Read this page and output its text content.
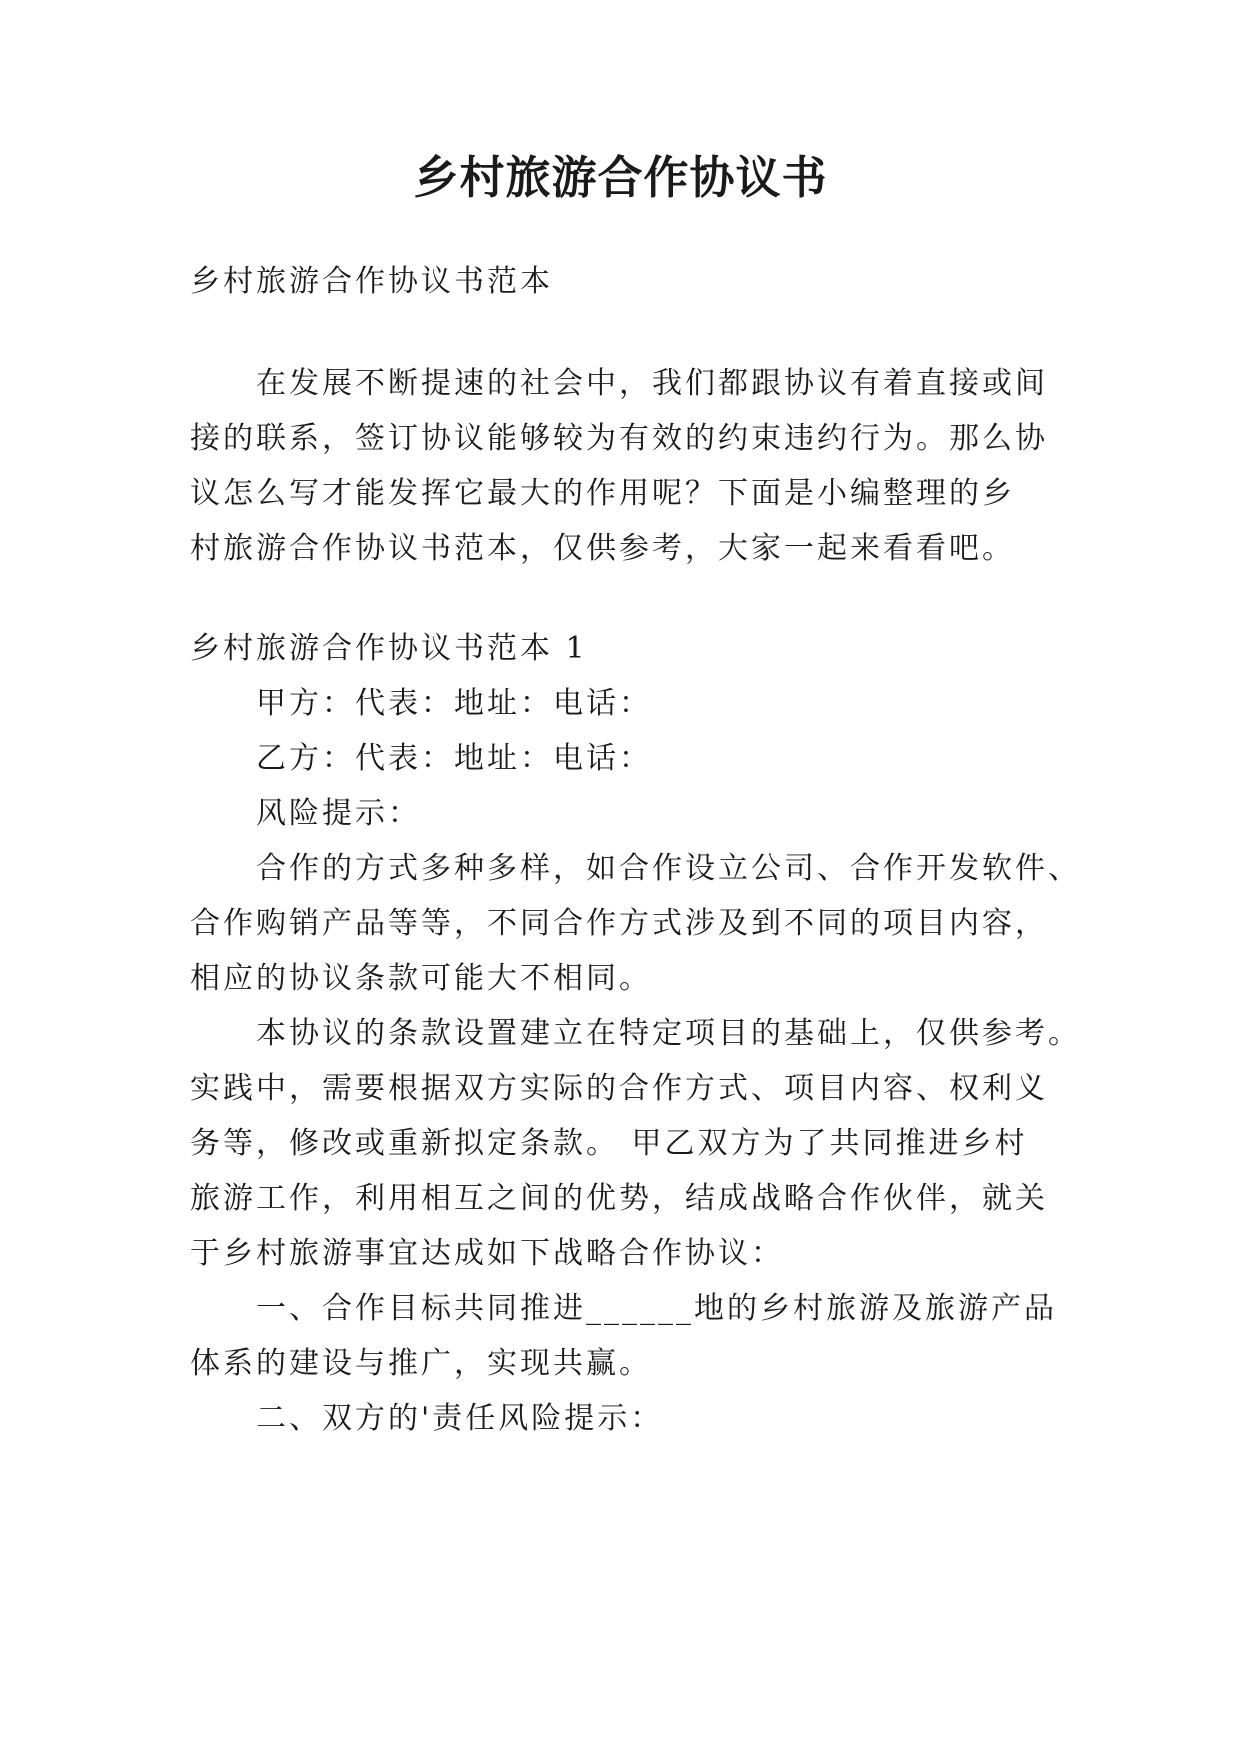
乡村旅游合作协议书
乡村旅游合作协议书范本
在发展不断提速的社会中，我们都跟协议有着直接或间
接的联系，签订协议能够较为有效的约束违约行为。那么协
议怎么写才能发挥它最大的作用呢？下面是小编整理的乡
村旅游合作协议书范本，仅供参考，大家一起来看看吧。
乡村旅游合作协议书范本 1
甲方：代表：地址：电话：
乙方：代表：地址：电话：
风险提示：
合作的方式多种多样，如合作设立公司、合作开发软件、
合作购销产品等等，不同合作方式涉及到不同的项目内容，
相应的协议条款可能大不相同。
本协议的条款设置建立在特定项目的基础上，仅供参考。
实践中，需要根据双方实际的合作方式、项目内容、权利义
务等，修改或重新拟定条款。 甲乙双方为了共同推进乡村
旅游工作，利用相互之间的优势，结成战略合作伙伴，就关
于乡村旅游事宜达成如下战略合作协议：
一、合作目标共同推进______地的乡村旅游及旅游产品
体系的建设与推广，实现共赢。
二、双方的'责任风险提示：
